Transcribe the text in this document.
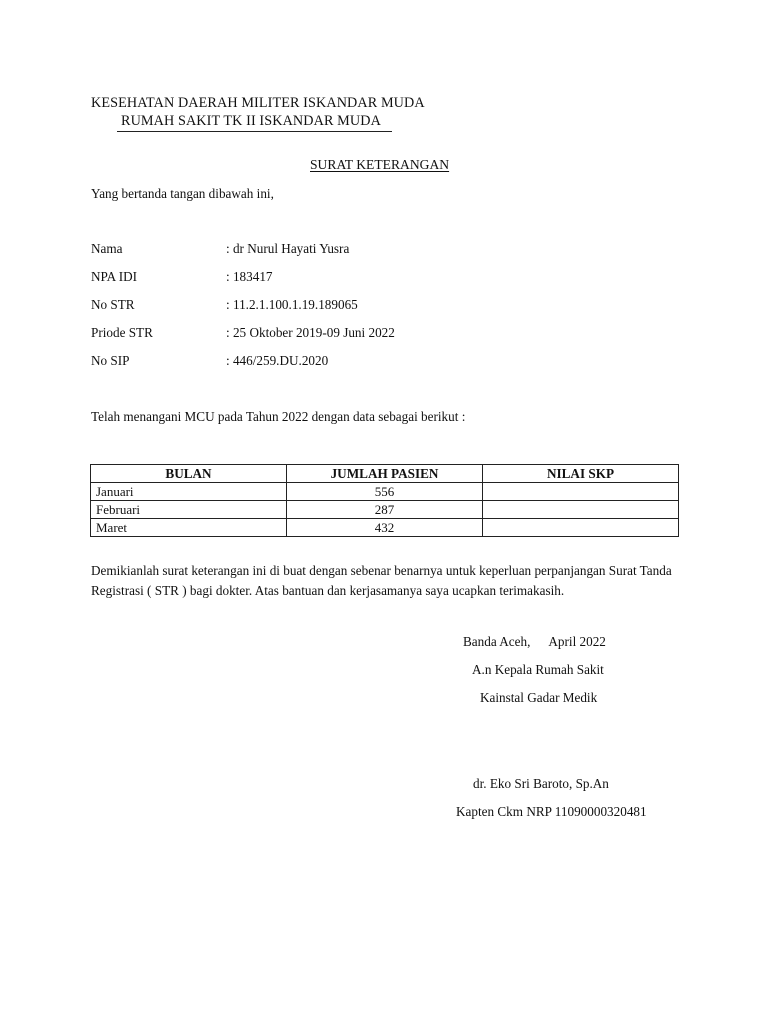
KESEHATAN DAERAH MILITER ISKANDAR MUDA
RUMAH SAKIT TK II ISKANDAR MUDA
SURAT KETERANGAN
Yang bertanda tangan dibawah ini,
Nama	: dr Nurul Hayati Yusra
NPA IDI	: 183417
No STR	: 11.2.1.100.1.19.189065
Priode STR	: 25 Oktober 2019-09 Juni 2022
No SIP	: 446/259.DU.2020
Telah menangani MCU pada Tahun 2022 dengan data sebagai berikut :
BULAN	JUMLAH PASIEN	NILAI SKP
Januari	556	
Februari	287	
Maret	432	
Demikianlah surat keterangan ini di buat dengan sebenar benarnya untuk keperluan perpanjangan Surat Tanda Registrasi ( STR ) bagi dokter. Atas bantuan dan kerjasamanya saya ucapkan terimakasih.
Banda Aceh, April 2022
A.n Kepala Rumah Sakit
Kainstal Gadar Medik
dr. Eko Sri Baroto, Sp.An
Kapten Ckm NRP 11090000320481
